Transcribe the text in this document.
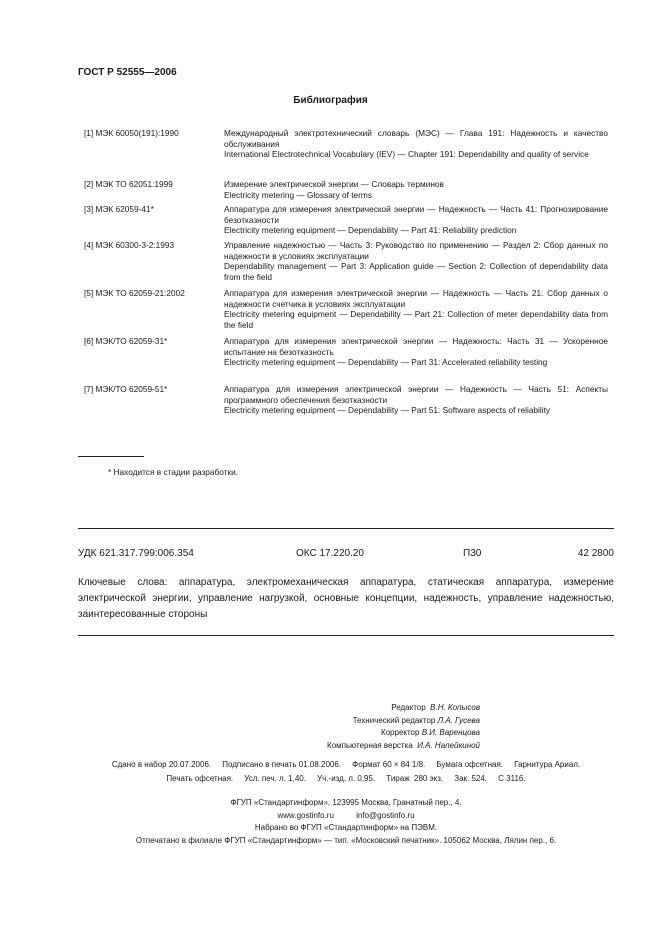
ГОСТ Р 52555—2006
Библиография
[1] МЭК 60050(191):1990	Международный электротехнический словарь (МЭС) — Глава 191: Надежность и качество обслуживания
International Electrotechnical Vocabulary (IEV) — Chapter 191: Dependability and quality of service
[2] МЭК ТО 62051:1999	Измерение электрической энергии — Словарь терминов
Electricity metering — Glossary of terms
[3] МЭК 62059-41*	Аппаратура для измерения электрической энергии — Надежность — Часть 41: Прогнозирование безотказности
Electricity metering equipment — Dependability — Part 41: Reliability prediction
[4] МЭК 60300-3-2:1993	Управление надежностью — Часть 3: Руководство по применению — Раздел 2: Сбор данных по надежности в условиях эксплуатации
Dependability management — Part 3: Application guide — Section 2: Collection of dependability data from the field
[5] МЭК ТО 62059-21:2002	Аппаратура для измерения электрической энергии — Надежность — Часть 21: Сбор данных о надежности счетчика в условиях эксплуатации
Electricity metering equipment — Dependability — Part 21: Collection of meter dependability data from the field
[6] МЭК/ТО 62059-31*	Аппаратура для измерения электрической энергии — Надежность: Часть 31 — Ускоренное испытание на безотказность
Electricity metering equipment — Dependability — Part 31: Accelerated reliability testing
[7] МЭК/ТО 62059-51*	Аппаратура для измерения электрической энергии — Надежность — Часть 51: Аспекты программного обеспечения безотказности
Electricity metering equipment — Dependability — Part 51: Software aspects of reliability
* Находится в стадии разработки.
УДК 621.317.799:006.354	ОКС 17.220.20	П30	42 2800
Ключевые слова: аппаратура, электромеханическая аппаратура, статическая аппаратура, измерение электрической энергии, управление нагрузкой, основные концепции, надежность, управление надежностью, заинтересованные стороны
Редактор В.Н. Копысов
Технический редактор Л.А. Гусева
Корректор В.И. Варенцова
Компьютерная верстка И.А. Налейкиной
Сдано в набор 20.07.2006.     Подписано в печать 01.08.2006.     Формат 60 × 84 1/8.     Бумага офсетная.     Гарнитура Ариал.
Печать офсетная.     Усл. печ. л. 1,40.     Уч.-изд. л. 0,95.     Тираж  280 экз.     Зак. 524.     С 3116.
ФГУП «Стандартинформ», 123995 Москва, Гранатный пер., 4.
www.gostinfo.ru          info@gostinfo.ru
Набрано во ФГУП «Стандартинформ» на ПЭВМ.
Отпечатано в филиале ФГУП «Стандартинформ» — тип. «Московский печатник». 105062 Москва, Лялин пер., 6.
